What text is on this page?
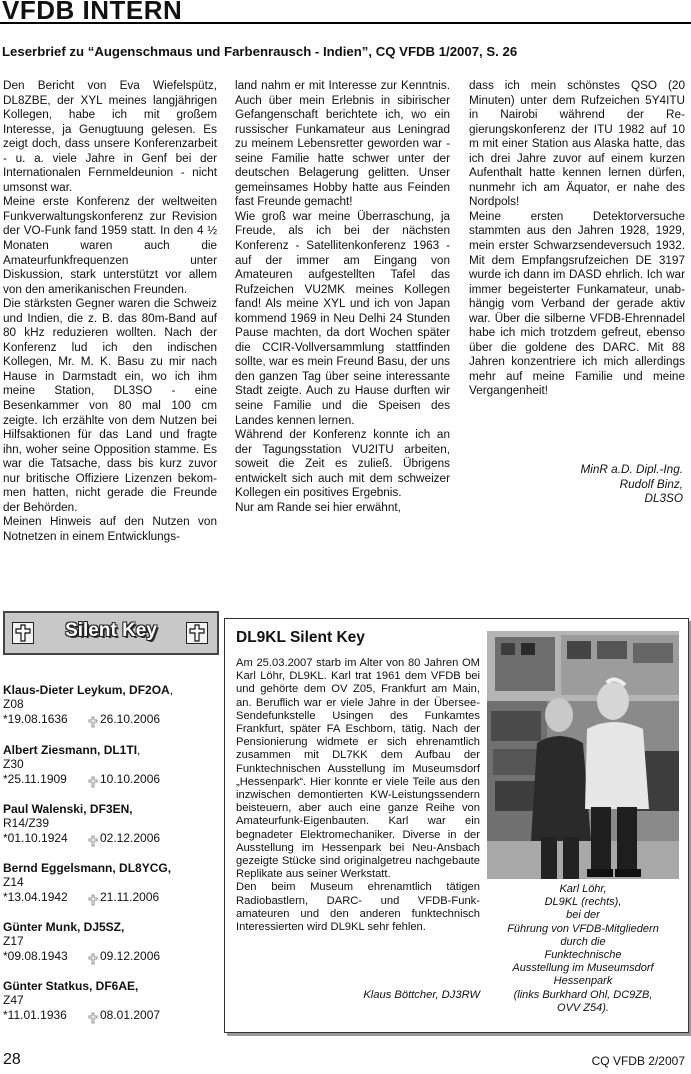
VFDB INTERN
Leserbrief zu “Augenschmaus und Farbenrausch - Indien”, CQ VFDB 1/2007, S. 26

Den Bericht von Eva Wiefelspütz, DL8ZBE, der XYL meines langjährigen Kollegen, habe ich mit großem Interesse, ja Genugtuung gelesen. Es zeigt doch, dass unsere Konferenzarbeit - u. a. viele Jahre in Genf bei der Internationalen Fernmeldeunion - nicht umsonst war.

Meine erste Konferenz der weltweiten Funkverwaltungskonferenz zur Revision der VO-Funk fand 1959 statt. In den 4 ½ Monaten waren auch die Amateurfunkfrequenzen unter Diskussion, stark unterstützt vor allem von den amerikanischen Freunden.

Die stärksten Gegner waren die Schweiz und Indien, die z. B. das 80m-Band auf 80 kHz reduzieren wollten. Nach der Konferenz lud ich den indischen Kollegen, Mr. M. K. Basu zu mir nach Hause in Darmstadt ein, wo ich ihm meine Station, DL3SO - eine Besenkammer von 80 mal 100 cm zeigte. Ich erzählte von dem Nutzen bei Hilfsaktionen für das Land und fragte ihn, woher seine Opposition stamme. Es war die Tatsache, dass bis kurz zuvor nur britische Offiziere Lizenzen bekommen hatten, nicht gerade die Freunde der Behörden.

Meinen Hinweis auf den Nutzen von Notnetzen in einem Entwicklungs-

land nahm er mit Interesse zur Kenntnis. Auch über mein Erlebnis in sibirischer Gefangenschaft berichtete ich, wo ein russischer Funkamateur aus Leningrad zu meinem Lebensretter geworden war - seine Familie hatte schwer unter der deutschen Belagerung gelitten. Unser gemeinsames Hobby hatte aus Feinden fast Freunde gemacht!

Wie groß war meine Überraschung, ja Freude, als ich bei der nächsten Konferenz - Satellitenkonferenz 1963 - auf der immer am Eingang von Amateuren aufgestellten Tafel das Rufzeichen VU2MK meines Kollegen fand! Als meine XYL und ich von Japan kommend 1969 in Neu Delhi 24 Stunden Pause machten, da dort Wochen später die CCIR-Vollversammlung stattfinden sollte, war es mein Freund Basu, der uns den ganzen Tag über seine interessante Stadt zeigte. Auch zu Hause durften wir seine Familie und die Speisen des Landes kennen lernen.

Während der Konferenz konnte ich an der Tagungsstation VU2ITU arbeiten, soweit die Zeit es zuließ. Übrigens entwickelt sich auch mit dem schweizer Kollegen ein positives Ergebnis.

Nur am Rande sei hier erwähnt,

dass ich mein schönstes QSO (20 Minuten) unter dem Rufzeichen 5Y4ITU in Nairobi während der Regierungskonferenz der ITU 1982 auf 10 m mit einer Station aus Alaska hatte, das ich drei Jahre zuvor auf einem kurzen Aufenthalt hatte kennen lernen dürfen, nunmehr ich am Äquator, er nahe des Nordpols!

Meine ersten Detektorversuche stammten aus den Jahren 1928, 1929, mein erster Schwarzsendeversuch 1932. Mit dem Empfangsrufzeichen DE 3197 wurde ich dann im DASD ehrlich. Ich war immer begeisterter Funkamateur, unabhängig vom Verband der gerade aktiv war. Über die silberne VFDB-Ehrennadel habe ich mich trotzdem gefreut, ebenso über die goldene des DARC. Mit 88 Jahren konzentriere ich mich allerdings mehr auf meine Familie und meine Vergangenheit!

MinR a.D. Dipl.-Ing.
Rudolf Binz,
DL3SO
Silent Key
Klaus-Dieter Leykum, DF2OA,
Z08
*19.08.1636	26.10.2006
Albert Ziesmann, DL1TI,
Z30
*25.11.1909	10.10.2006
Paul Walenski, DF3EN,
R14/Z39
*01.10.1924	02.12.2006
Bernd Eggelsmann, DL8YCG,
Z14
*13.04.1942	21.11.2006
Günter Munk, DJ5SZ,
Z17
*09.08.1943	09.12.2006
Günter Statkus, DF6AE,
Z47
*11.01.1936	08.01.2007
DL9KL Silent Key
Am 25.03.2007 starb im Alter von 80 Jahren OM Karl Löhr, DL9KL. Karl trat 1961 dem VFDB bei und gehörte dem OV Z05, Frankfurt am Main, an. Beruflich war er viele Jahre in der Übersee-Sendefunkstelle Usingen des Funkamtes Frankfurt, später FA Eschborn, tätig. Nach der Pensionierung widmete er sich ehrenamtlich zusammen mit DL7KK dem Aufbau der Funktechnischen Ausstellung im Museumsdorf „Hessenpark“. Hier konnte er viele Teile aus den inzwischen demontierten KW-Leistungssendern beisteuern, aber auch eine ganze Reihe von Amateurfunk-Eigenbauten. Karl war ein begnadeter Elektromechaniker. Diverse in der Ausstellung im Hessenpark bei Neu-Ansbach gezeigte Stücke sind originalgetreu nachgebaute Replikate aus seiner Werkstatt.
Den beim Museum ehrenamtlich tätigen Radiobastlern, DARC- und VFDB-Funkamateuren und den anderen funktechnisch Interessierten wird DL9KL sehr fehlen.
Klaus Böttcher, DJ3RW
Karl Löhr,
DL9KL (rechts),
bei der
Führung von VFDB-Mitgliedern
durch die
Funktechnische
Ausstellung im Museumsdorf
Hessenpark
(links Burkhard Ohl, DC9ZB,
OVV Z54).
28	CQ VFDB 2/2007
